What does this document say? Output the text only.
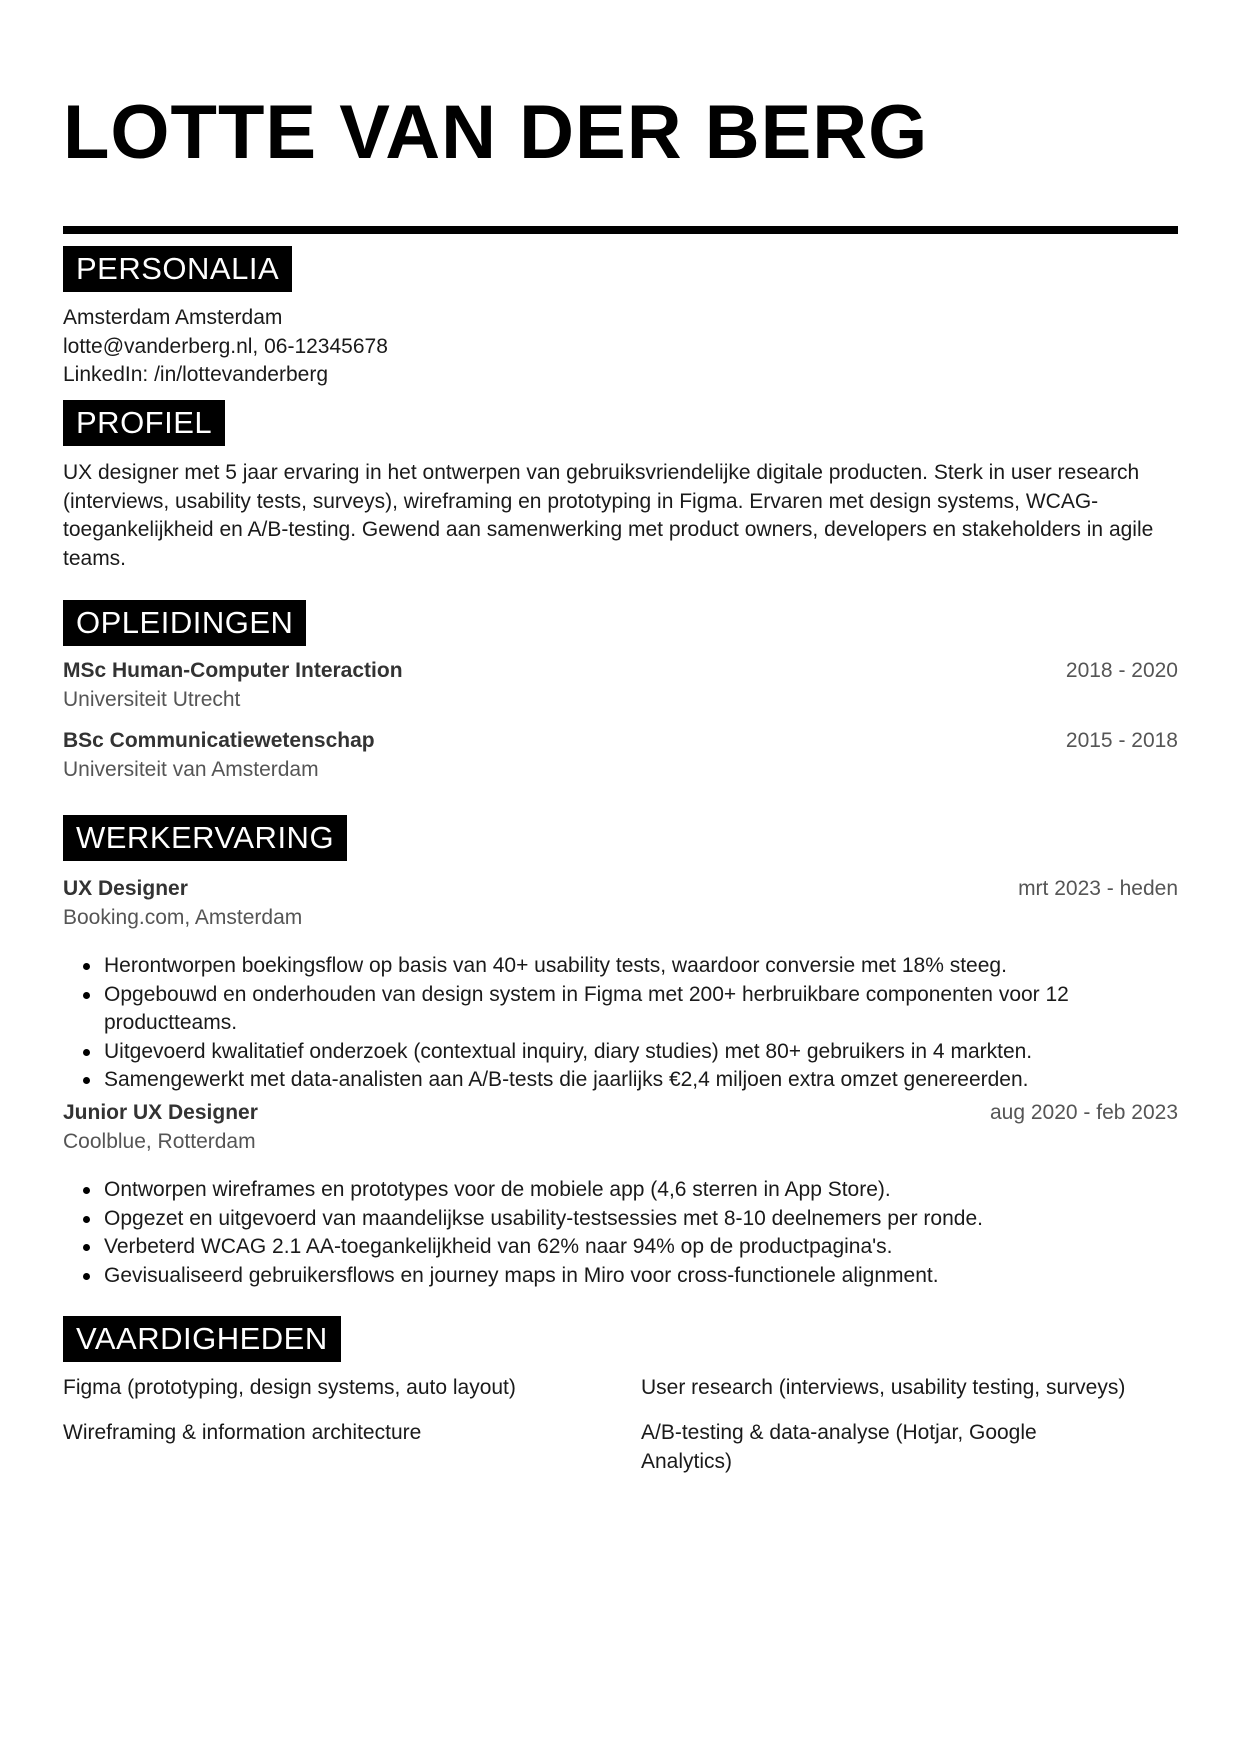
LOTTE VAN DER BERG
PERSONALIA
Amsterdam Amsterdam
lotte@vanderberg.nl, 06-12345678
LinkedIn: /in/lottevanderberg
PROFIEL
UX designer met 5 jaar ervaring in het ontwerpen van gebruiksvriendelijke digitale producten. Sterk in user research (interviews, usability tests, surveys), wireframing en prototyping in Figma. Ervaren met design systems, WCAG-toegankelijkheid en A/B-testing. Gewend aan samenwerking met product owners, developers en stakeholders in agile teams.
OPLEIDINGEN
MSc Human-Computer Interaction
Universiteit Utrecht
2018 - 2020
BSc Communicatiewetenschap
Universiteit van Amsterdam
2015 - 2018
WERKERVARING
UX Designer
Booking.com, Amsterdam
mrt 2023 - heden
Herontworpen boekingsflow op basis van 40+ usability tests, waardoor conversie met 18% steeg.
Opgebouwd en onderhouden van design system in Figma met 200+ herbruikbare componenten voor 12 productteams.
Uitgevoerd kwalitatief onderzoek (contextual inquiry, diary studies) met 80+ gebruikers in 4 markten.
Samengewerkt met data-analisten aan A/B-tests die jaarlijks €2,4 miljoen extra omzet genereerden.
Junior UX Designer
Coolblue, Rotterdam
aug 2020 - feb 2023
Ontworpen wireframes en prototypes voor de mobiele app (4,6 sterren in App Store).
Opgezet en uitgevoerd van maandelijkse usability-testsessies met 8-10 deelnemers per ronde.
Verbeterd WCAG 2.1 AA-toegankelijkheid van 62% naar 94% op de productpagina's.
Gevisualiseerd gebruikersflows en journey maps in Miro voor cross-functionele alignment.
VAARDIGHEDEN
Figma (prototyping, design systems, auto layout)	User research (interviews, usability testing, surveys)
Wireframing & information architecture	A/B-testing & data-analyse (Hotjar, Google Analytics)
